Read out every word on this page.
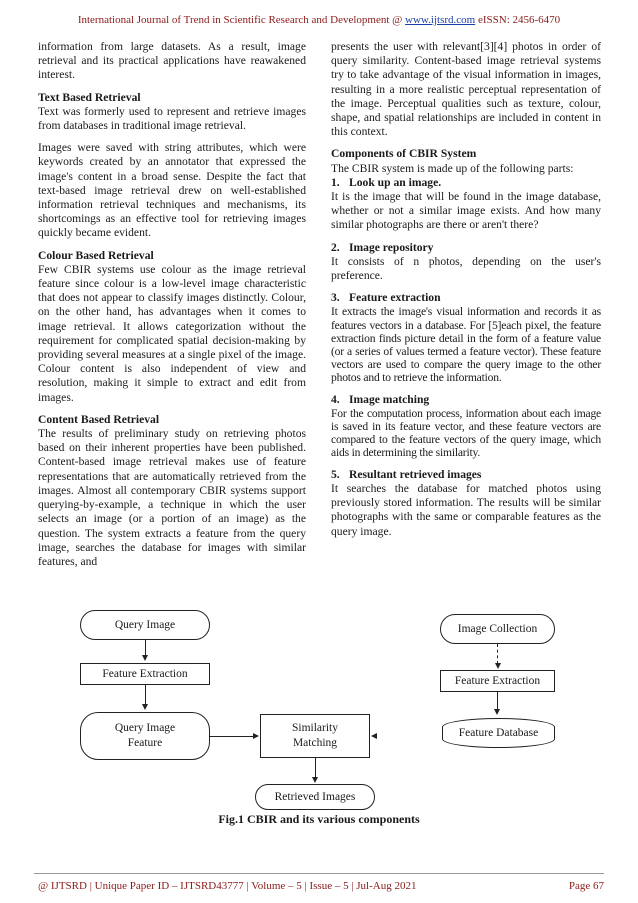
International Journal of Trend in Scientific Research and Development @ www.ijtsrd.com eISSN: 2456-6470

information from large datasets. As a result, image retrieval and its practical applications have reawakened interest.

Text Based Retrieval

Text was formerly used to represent and retrieve images from databases in traditional image retrieval.

Images were saved with string attributes, which were keywords created by an annotator that expressed the image's content in a broad sense. Despite the fact that text-based image retrieval drew on well-established information retrieval techniques and mechanisms, its shortcomings as an effective tool for retrieving images quickly became evident.

Colour Based Retrieval

Few CBIR systems use colour as the image retrieval feature since colour is a low-level image characteristic that does not appear to classify images distinctly. Colour, on the other hand, has advantages when it comes to image retrieval. It allows categorization without the requirement for complicated spatial decision-making by providing several measures at a single pixel of the image. Colour content is also independent of view and resolution, making it simple to extract and edit from images.

Content Based Retrieval

The results of preliminary study on retrieving photos based on their inherent properties have been published. Content-based image retrieval makes use of feature representations that are automatically retrieved from the images. Almost all contemporary CBIR systems support querying-by-example, a technique in which the user selects an image (or a portion of an image) as the question. The system extracts a feature from the query image, searches the database for images with similar features, and

presents the user with relevant[3][4] photos in order of query similarity. Content-based image retrieval systems try to take advantage of the visual information in images, resulting in a more realistic perceptual representation of the image. Perceptual qualities such as texture, colour, shape, and spatial relationships are included in content in this context.

Components of CBIR System

The CBIR system is made up of the following parts:

1. Look up an image.

It is the image that will be found in the image database, whether or not a similar image exists. And how many similar photographs are there or aren't there?

2. Image repository

It consists of n photos, depending on the user's preference.

3. Feature extraction

It extracts the image's visual information and records it as features vectors in a database. For [5]each pixel, the feature extraction finds picture detail in the form of a feature value (or a series of values termed a feature vector). These feature vectors are used to compare the query image to the other photos and to retrieve the information.

4. Image matching

For the computation process, information about each image is saved in its feature vector, and these feature vectors are compared to the feature vectors of the query image, which aids in determining the similarity.

5. Resultant retrieved images

It searches the database for matched photos using previously stored information. The results will be similar photographs with the same or comparable features as the query image.

Query Image
Feature Extraction
Query Image
Feature
Similarity
Matching
Retrieved Images
Image Collection
Feature Extraction
Feature Database
Fig.1 CBIR and its various components
@ IJTSRD | Unique Paper ID – IJTSRD43777 | Volume – 5 | Issue – 5 | Jul-Aug 2021	Page 67
